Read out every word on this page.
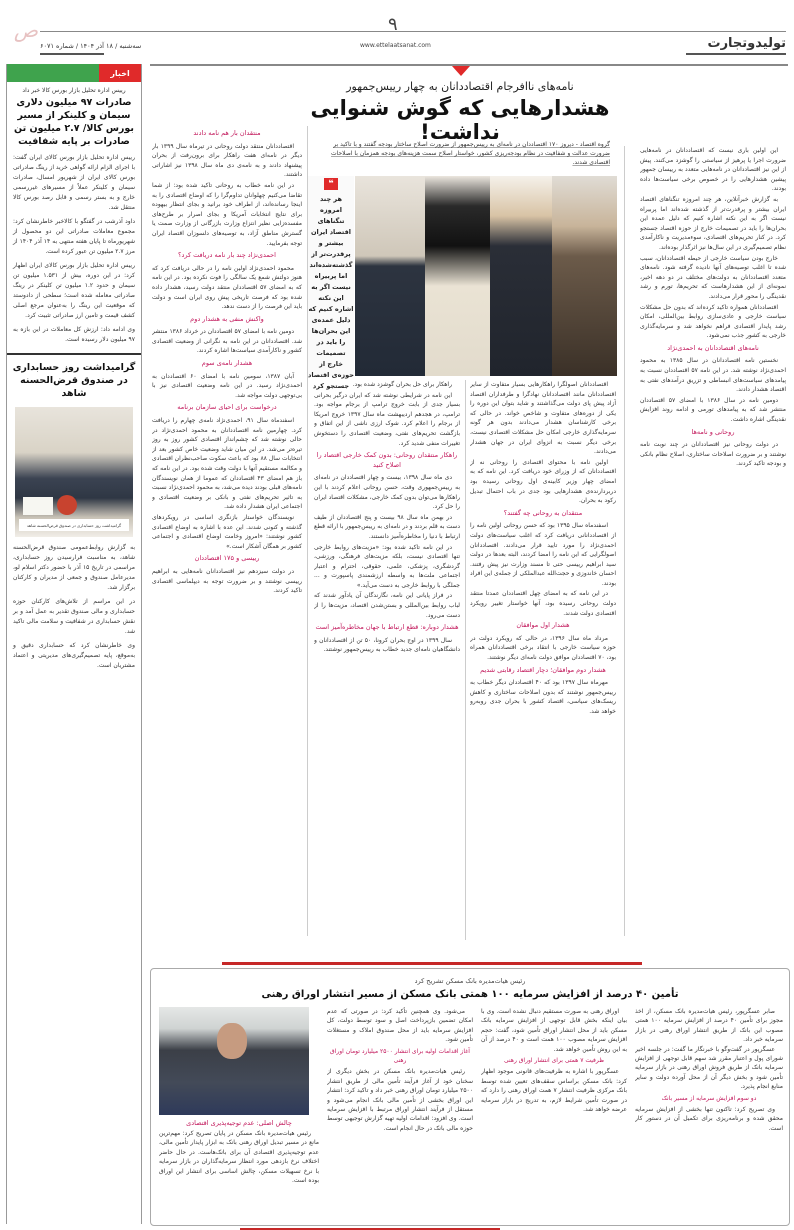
تولیدوتجارت
۹
www.ettelaatsanat.com
سه‌شنبه / ۱۸ آذر ۱۴۰۴ / شماره ۶۰۷۱
ص
اخبار
رییس اداره تحلیل بازار بورس کالا خبر داد
صادرات ۹۷ میلیون دلاری سیمان و کلینکر از مسیر بورس کالا/ ۲.۷ میلیون تن صادرات بر پایه شفافیت
رییس اداره تحلیل بازار بورس کالای ایران گفت: با اجرای الزام ارائه گواهی خرید از رینگ صادراتی بورس کالای ایران از شهریور امسال، صادرات سیمان و کلینکر عملاً از مسیرهای غیررسمی خارج و به بستر رسمی و قابل رصد بورس کالا منتقل شد.
داود آذرشب در گفتگو با کالاخبر خاطرنشان کرد: مجموع معاملات صادراتی این دو محصول از شهریورماه تا پایان هفته منتهی به ۱۴ آذر ۱۴۰۴ از مرز ۲.۷ میلیون تن عبور کرده است.
رییس اداره تحلیل بازار بورس کالای ایران اظهار کرد: در این دوره، بیش از ۱.۵۳۱ میلیون تن سیمان و حدود ۱.۲ میلیون تن کلینکر در رینگ صادراتی معامله شده است؛ سطحی از دادوستد که موقعیت این رینگ را به‌عنوان مرجع اصلی کشف قیمت و تامین ارز صادراتی تثبیت کرد.
وی ادامه داد: ارزش کل معاملات در این بازه به ۹۷ میلیون دلار رسیده است.
گرامیداشت روز حسابداری در صندوق قرض‌الحسنه شاهد
گرامیداشت روز حسابداری در صندوق قرض‌الحسنه شاهد
به گزارش روابط‌عمومی صندوق قرض‌الحسنه شاهد، به مناسبت فرارسیدن روز حسابداری، مراسمی در تاریخ ۱۵ آذر با حضور دکتر اسلام لو، مدیرعامل صندوق و جمعی از مدیران و کارکنان برگزار شد.
در این مراسم از تلاش‌های کارکنان حوزه حسابداری و مالی صندوق تقدیر به عمل آمد و بر نقش حسابداری در شفافیت و سلامت مالی تاکید شد.
وی خاطرنشان کرد که حسابداری دقیق و به‌موقع، پایه تصمیم‌گیری‌های مدیریتی و اعتماد مشتریان است.
نامه‌های ناافرجام اقتصاددانان به چهار رییس‌جمهور
هشدارهایی که گوش شنوایی نداشت!
گروه اقتصاد - دیروز ۱۷۰ اقتصاددان در نامه‌ای به رییس‌جمهور از ضرورت اصلاح ساختار بودجه گفتند و با تاکید بر ضرورت عدالت و شفافیت در نظام بودجه‌ریزی کشور، خواستار اصلاح سمت هزینه‌های بودجه همزمان با اصلاحات اقتصادی شدند.
❝
هر چند امروزه تنگناهای اقتصاد ایران بیشتر و پرقدرت‌تر از گذشته‌شده‌اند اما پربیراه نیست اگر به این نکته اشاره کنیم که دلیل عمده‌ی این بحران‌ها را باید در تصمیمات خارج از حوزه‌ی اقتصاد جستجو کرد

این اولین باری نیست که اقتصاددانان در نامه‌هایی ضرورت اجرا یا پرهیز از سیاستی را گوشزد می‌کنند. پیش از این نیز اقتصاددانان در نامه‌هایی متعدد به رییسان جمهور پیشین هشدارهایی را در خصوص برخی سیاست‌ها داده بودند.

به گزارش خبرآنلاین، هر چند امروزه تنگناهای اقتصاد ایران بیشتر و پرقدرت‌تر از گذشته شده‌اند اما پربیراه نیست اگر به این نکته اشاره کنیم که دلیل عمده این بحران‌ها را باید در تصمیمات خارج از حوزه اقتصاد جستجو کرد. در کنار تحریم‌های اقتصادی، سوءمدیریت و ناکارآمدی نظام تصمیم‌گیری در این سال‌ها نیز اثرگذار بوده‌اند.

خارج بودن سیاست خارجی از حیطه اقتصاددانان، سبب شده تا اغلب توصیه‌های آنها نادیده گرفته شود. نامه‌های متعدد اقتصاددانان به دولت‌های مختلف در دو دهه اخیر، نمونه‌ای از این هشدارهاست که تحریم‌ها، تورم و رشد نقدینگی را محور قرار می‌دادند.

اقتصاددانان همواره تاکید کرده‌اند که بدون حل مشکلات سیاست خارجی و عادی‌سازی روابط بین‌المللی، امکان رشد پایدار اقتصادی فراهم نخواهد شد و سرمایه‌گذاری خارجی به کشور جذب نمی‌شود.

نامه‌های اقتصاددانان به احمدی‌نژاد

نخستین نامه اقتصاددانان در سال ۱۳۸۵ به محمود احمدی‌نژاد نوشته شد. در این نامه ۵۷ اقتصاددان نسبت به پیامدهای سیاست‌های انبساطی و تزریق درآمدهای نفتی به اقتصاد هشدار دادند.

دومین نامه در سال ۱۳۸۶ با امضای ۵۷ اقتصاددان منتشر شد که به پیامدهای تورمی و ادامه روند افزایش نقدینگی اشاره داشت.

روحانی و نامه‌ها

در دولت روحانی نیز اقتصاددانان در چند نوبت نامه نوشتند و بر ضرورت اصلاحات ساختاری، اصلاح نظام بانکی و بودجه تاکید کردند.

اقتصاددانان اصولگرا راهکارهایی بسیار متفاوت از سایر اقتصاددانان مانند اقتصاددانان نهادگرا و طرفداران اقتصاد آزاد پیش پای دولت می‌گذاشتند و شاید بتوان این دوره را یکی از دوره‌های متفاوت و شاخص خواند. در حالی که برخی کارشناسان هشدار می‌دادند بدون هر گونه سرمایه‌گذاری خارجی امکان حل مشکلات اقتصادی نیست، برخی دیگر نسبت به انزوای ایران در جهان هشدار می‌دادند.

اولین نامه با محتوای اقتصادی را روحانی نه از اقتصاددانان که از وزرای خود دریافت کرد. این نامه که به امضای چهار وزیر کابینه‌ی اول روحانی رسیده بود دربردارنده‌ی هشدارهایی بود جدی در باب احتمال تبدیل رکود به بحران.

منتقدان به روحانی چه گفتند؟

اسفندماه سال ۱۳۹۵ بود که حسن روحانی اولین نامه را از اقتصاددانانی دریافت کرد که اغلب سیاست‌های دولت احمدی‌نژاد را مورد تایید قرار می‌دادند. اقتصاددانان اصولگرایی که این نامه را امضا کردند، البته بعدها در دولت سید ابراهیم رییسی حتی تا مسند وزارت نیز پیش رفتند. احسان خاندوزی و حجت‌الله عبدالملکی از جمله‌ی این افراد بودند.

در این نامه که به امضای چهل اقتصاددان عمدتا منتقد دولت روحانی رسیده بود، آنها خواستار تغییر رویکرد اقتصادی دولت شدند.

هشدار اول موافقان

مرداد ماه سال ۱۳۹۶، در حالی که رویکرد دولت در حوزه سیاست خارجی با انتقاد برخی اقتصاددانان همراه بود، ۷۰ اقتصاددان موافق دولت نامه‌ای دیگر نوشتند.

هشدار دوم موافقان؛ دچار اقتصاد رقابتی شدیم

مهرماه سال ۱۳۹۷ بود که ۴۰ اقتصاددان دیگر خطاب به رییس‌جمهور نوشتند که بدون اصلاحات ساختاری و کاهش ریسک‌های سیاسی، اقتصاد کشور با بحران جدی روبه‌رو خواهد شد.

راهکار برای حل بحران گوشزد شده بود.

این نامه در شرایطی نوشته شد که ایران درگیر بحرانی بسیار جدی از بابت خروج ترامپ از برجام مواجه بود. ترامپ، در هجدهم اردیبهشت ماه سال ۱۳۹۷ خروج امریکا از برجام را اعلام کرد. شوک ارزی ناشی از این اتفاق و بازگشت تحریم‌های نفتی، وضعیت اقتصادی را دستخوش تغییرات منفی شدید کرد.

راهکار منتقدان روحانی: بدون کمک خارجی اقتصاد را اصلاح کنید

دی ماه سال ۱۳۹۸، بیست و چهار اقتصاددان در نامه‌ای به رییس‌جمهوری وقت، حسن روحانی اعلام کردند با این راهکارها می‌توان بدون کمک خارجی، مشکلات اقتصاد ایران را حل کرد.

در بهمن ماه سال ۹۸ بیست و پنج اقتصاددان از طیف دست به قلم بردند و در نامه‌ای به رییس‌جمهور با ارائه قطع ارتباط با دنیا را مخاطره‌آمیز دانستند.

در این نامه تاکید شده بود: «مزیت‌های روابط خارجی تنها اقتصادی نیست، بلکه مزیت‌های فرهنگی، ورزشی، گردشگری، پزشکی، علمی، حقوقی، احترام و اعتبار اجتماعی ملت‌ها به واسطه ارزشمندی پاسپورت و ... جملگی با روابط خارجی به دست می‌آید.»

در فراز پایانی این نامه، نگارندگان آن یادآور شدند که لباب روابط بین‌المللی و بستن‌شدن اقتصاد، مزیت‌ها را از دست می‌رود.

هشدار دوباره: قطع ارتباط با جهان مخاطره‌آمیز است

سال ۱۳۹۹ در اوج بحران کرونا، ۵۰ تن از اقتصاددانان و دانشگاهیان نامه‌ای جدید خطاب به رییس‌جمهور نوشتند.

منتقدان بار هم نامه دادند

اقتصاددانان منتقد دولت روحانی در تیرماه سال ۱۳۹۹ بار دیگر در نامه‌ای هفت راهکار برای برون‌رفت از بحران پیشنهاد دادند و به نامه‌ی دی ماه سال ۱۳۹۸ نیز اشاراتی داشتند.

در این نامه خطاب به روحانی تاکید شده بود: از شما تقاضا می‌کنیم چهلوانان تداوم‌گرا را که اوضاع اقتصادی را به اینجا رسانده‌اند، از اطراف خود برانید و بجای انتظار بیهوده برای نتایج انتخابات آمریکا و بجای اصرار بر طرح‌های مفسده‌زایی نظیر انتزاع وزارت بازرگانی از وزارت صمت یا گسترش مناطق آزاد، به توصیه‌های دلسوزان اقتصاد ایران توجه بفرمایید.

احمدی‌نژاد چند بار نامه دریافت کرد؟

محمود احمدی‌نژاد اولین نامه را در حالی دریافت کرد که هنوز دولتش شمع یک سالگی را فوت نکرده بود. در این نامه که به امضای ۵۷ اقتصاددان منتقد دولت رسید، هشدار داده شده بود که فرصت تاریخی پیش روی ایران است و دولت باید این فرصت را از دست ندهد.

واکنش منفی به هشدار دوم

دومین نامه با امضای ۵۷ اقتصاددان در خرداد ۱۳۸۶ منتشر شد. اقتصاددانان در این نامه به نگرانی از وضعیت اقتصادی کشور و ناکارآمدی سیاست‌ها اشاره کردند.

هشدار نامه‌ی سوم

آبان ۱۳۸۷، سومین نامه با امضای ۶۰ اقتصاددان به احمدی‌نژاد رسید. در این نامه وضعیت اقتصادی نیز با بی‌توجهی دولت مواجه شد.

درخواست برای احیای سازمان برنامه

اسفندماه سال ۹۱، احمدی‌نژاد نامه‌ی چهارم را دریافت کرد. چهارمین نامه اقتصاددانان به محمود احمدی‌نژاد در حالی نوشته شد که چشم‌انداز اقتصادی کشور روز به روز تیره‌تر می‌شد. در این میان شاید وضعیت خاص کشور بعد از انتخابات سال ۸۸ بود که باعث سکوت صاحب‌نظران اقتصادی و مکالمه مستقیم آنها با دولت وقت شده بود. در این نامه که باز هم امضای ۴۳ اقتصاددان که عموما از همان نویسندگان نامه‌های قبلی بودند دیده می‌شد، به محمود احمدی‌نژاد نسبت به تاثیر تحریم‌های نفتی و بانکی بر وضعیت اقتصادی و اجتماعی ایران هشدار داده شد.

نویسندگان خواستار بازنگری اساسی در رویکردهای گذشته و کنونی شدند. این عده با اشاره به اوضاع اقتصادی کشور نوشتند: «امروز وخامت اوضاع اقتصادی و اجتماعی کشور بر همگان آشکار است.»

رییسی و ۱۷۵ اقتصاددان

در دولت سیزدهم نیز اقتصاددانان نامه‌هایی به ابراهیم رییسی نوشتند و بر ضرورت توجه به دیپلماسی اقتصادی تاکید کردند.

رئیس هیات‌مدیره بانک مسکن تشریح کرد
تأمین ۴۰ درصد از افزایش سرمایه ۱۰۰ همتی بانک مسکن از مسیر انتشار اوراق رهنی
چالش اصلی: عدم توجیه‌پذیری اقتصادی

رئیس هیات‌مدیره بانک مسکن در پایان تصریح کرد: مهم‌ترین مانع در مسیر تبدیل اوراق رهنی بانک به ابزار پایدار تأمین مالی، عدم توجیه‌پذیری اقتصادی آن برای بانک‌هاست. در حال حاضر اختلاف نرخ بازدهی مورد انتظار سرمایه‌گذاران در بازار سرمایه با نرخ تسهیلات مسکن، چالش اساسی برای انتشار این اوراق بوده است.

می‌شود. وی همچنین تأکید کرد: در صورتی که عدم امکان تضمین بازپرداخت اصل و سود توسط دولت، کل افزایش سرمایه باید از محل صندوق املاک و مستغلات تأمین شود.

آغاز اقدامات اولیه برای انتشار ۲۵۰۰ میلیارد تومان اوراق رهنی

رئیس هیات‌مدیره بانک مسکن در بخش دیگری از سخنان خود از آغاز فرآیند تأمین مالی از طریق انتشار ۲۵۰۰ میلیارد تومان اوراق رهنی خبر داد و تاکید کرد: انتشار این اوراق بخشی از تأمین مالی بانک انجام می‌شود و مستقل از فرآیند انتشار اوراق مرتبط با افزایش سرمایه است. وی افزود: اقدامات اولیه تهیه گزارش توجیهی توسط حوزه مالی بانک در حال انجام است.

اوراق رهنی به صورت مستقیم دنبال نشده است. وی با بیان اینکه بخش قابل توجهی از افزایش سرمایه بانک مسکن باید از محل انتشار اوراق تأمین شود، گفت: حجم افزایش سرمایه مصوب ۱۰۰ همت است و ۴۰ درصد از آن به این روش تأمین خواهد شد.

ظرفیت ۷ همتی برای انتشار اوراق رهنی

عسگرپور با اشاره به ظرفیت‌های قانونی موجود اظهار کرد: بانک مسکن براساس سقف‌های تعیین شده توسط بانک مرکزی ظرفیت انتشار ۷ همت اوراق رهنی را دارد که در صورت تأمین شرایط لازم، به تدریج در بازار سرمایه عرضه خواهد شد.

صابر عسگرپور، رئیس هیات‌مدیره بانک مسکن، از اخذ مجوز برای تأمین ۴۰ درصد از افزایش سرمایه ۱۰۰ همتی مصوب این بانک از طریق انتشار اوراق رهنی در بازار سرمایه خبر داد.

عسگرپور در گفت‌وگو با خبرنگار ما گفت: در جلسه اخیر شورای پول و اعتبار مقرر شد سهم قابل توجهی از افزایش سرمایه بانک از طریق فروش اوراق رهنی در بازار سرمایه تأمین شود و بخش دیگر آن از محل آورده دولت و سایر منابع انجام پذیرد.

دو سوم افزایش سرمایه از مسیر بانک

وی تصریح کرد: تاکنون تنها بخشی از افزایش سرمایه محقق شده و برنامه‌ریزی برای تکمیل آن در دستور کار است.
